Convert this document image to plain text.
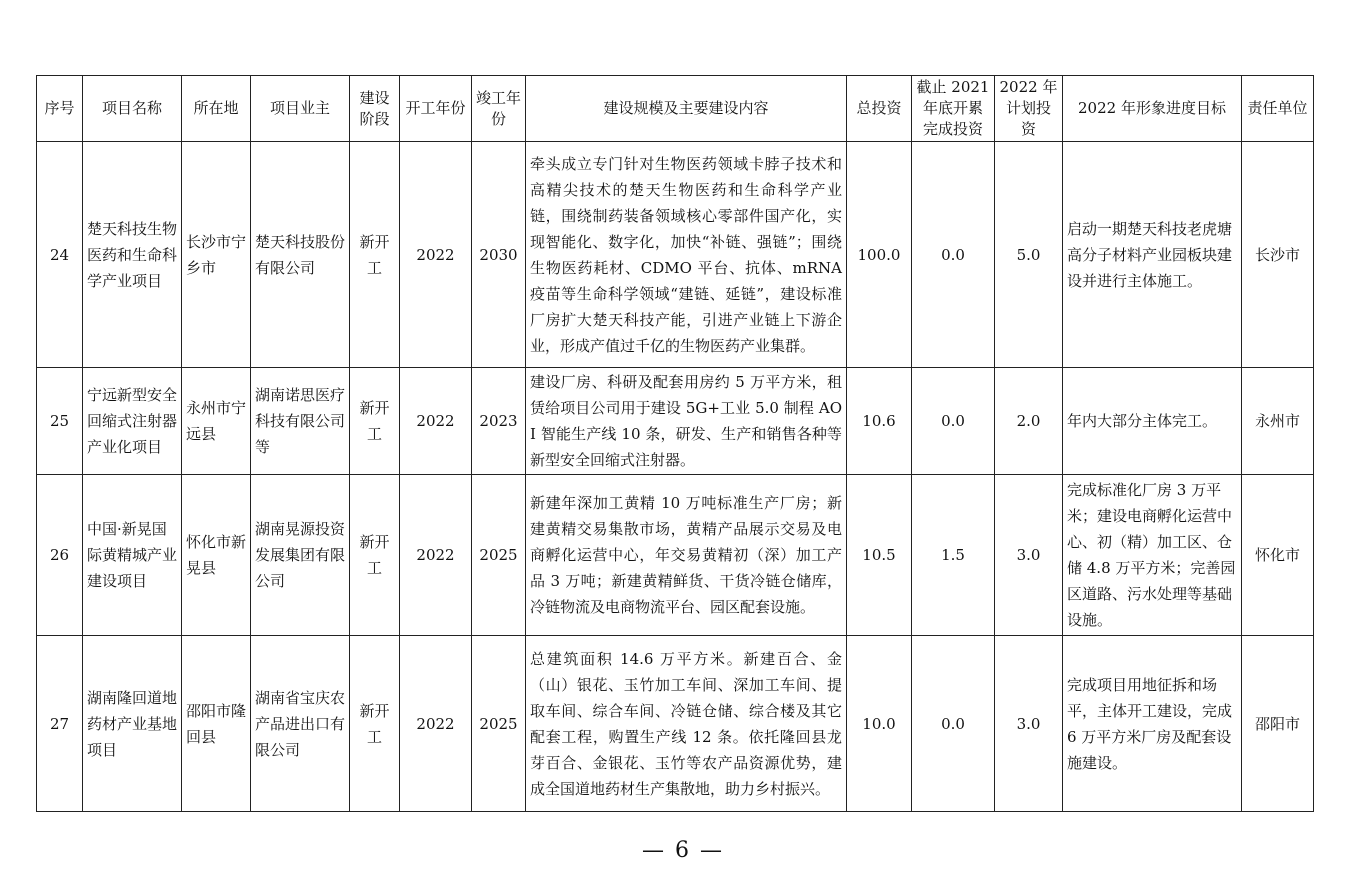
序号	项目名称	所在地	项目业主	建设阶段	开工年份	竣工年份	建设规模及主要建设内容	总投资	截止 2021 年底开累完成投资	2022 年计划投资	2022 年形象进度目标	责任单位
24	楚天科技生物医药和生命科学产业项目	长沙市宁乡市	楚天科技股份有限公司	新开工	2022	2030	牵头成立专门针对生物医药领域卡脖子技术和高精尖技术的楚天生物医药和生命科学产业链，围绕制药装备领域核心零部件国产化，实现智能化、数字化，加快“补链、强链”；围绕生物医药耗材、CDMO 平台、抗体、mRNA 疫苗等生命科学领域“建链、延链”，建设标准厂房扩大楚天科技产能，引进产业链上下游企业，形成产值过千亿的生物医药产业集群。	100.0	0.0	5.0	启动一期楚天科技老虎塘高分子材料产业园板块建设并进行主体施工。	长沙市
25	宁远新型安全回缩式注射器产业化项目	永州市宁远县	湖南诺思医疗科技有限公司等	新开工	2022	2023	建设厂房、科研及配套用房约 5 万平方米，租赁给项目公司用于建设 5G+工业 5.0 制程 AOI 智能生产线 10 条，研发、生产和销售各种等新型安全回缩式注射器。	10.6	0.0	2.0	年内大部分主体完工。	永州市
26	中国·新晃国际黄精城产业建设项目	怀化市新晃县	湖南晃源投资发展集团有限公司	新开工	2022	2025	新建年深加工黄精 10 万吨标准生产厂房；新建黄精交易集散市场，黄精产品展示交易及电商孵化运营中心，年交易黄精初（深）加工产品 3 万吨；新建黄精鲜货、干货冷链仓储库，冷链物流及电商物流平台、园区配套设施。	10.5	1.5	3.0	完成标准化厂房 3 万平米；建设电商孵化运营中心、初（精）加工区、仓储 4.8 万平方米；完善园区道路、污水处理等基础设施。	怀化市
27	湖南隆回道地药材产业基地项目	邵阳市隆回县	湖南省宝庆农产品进出口有限公司	新开工	2022	2025	总建筑面积 14.6 万平方米。新建百合、金（山）银花、玉竹加工车间、深加工车间、提取车间、综合车间、冷链仓储、综合楼及其它配套工程，购置生产线 12 条。依托隆回县龙芽百合、金银花、玉竹等农产品资源优势，建成全国道地药材生产集散地，助力乡村振兴。	10.0	0.0	3.0	完成项目用地征拆和场平，主体开工建设，完成 6 万平方米厂房及配套设施建设。	邵阳市
— 6 —
